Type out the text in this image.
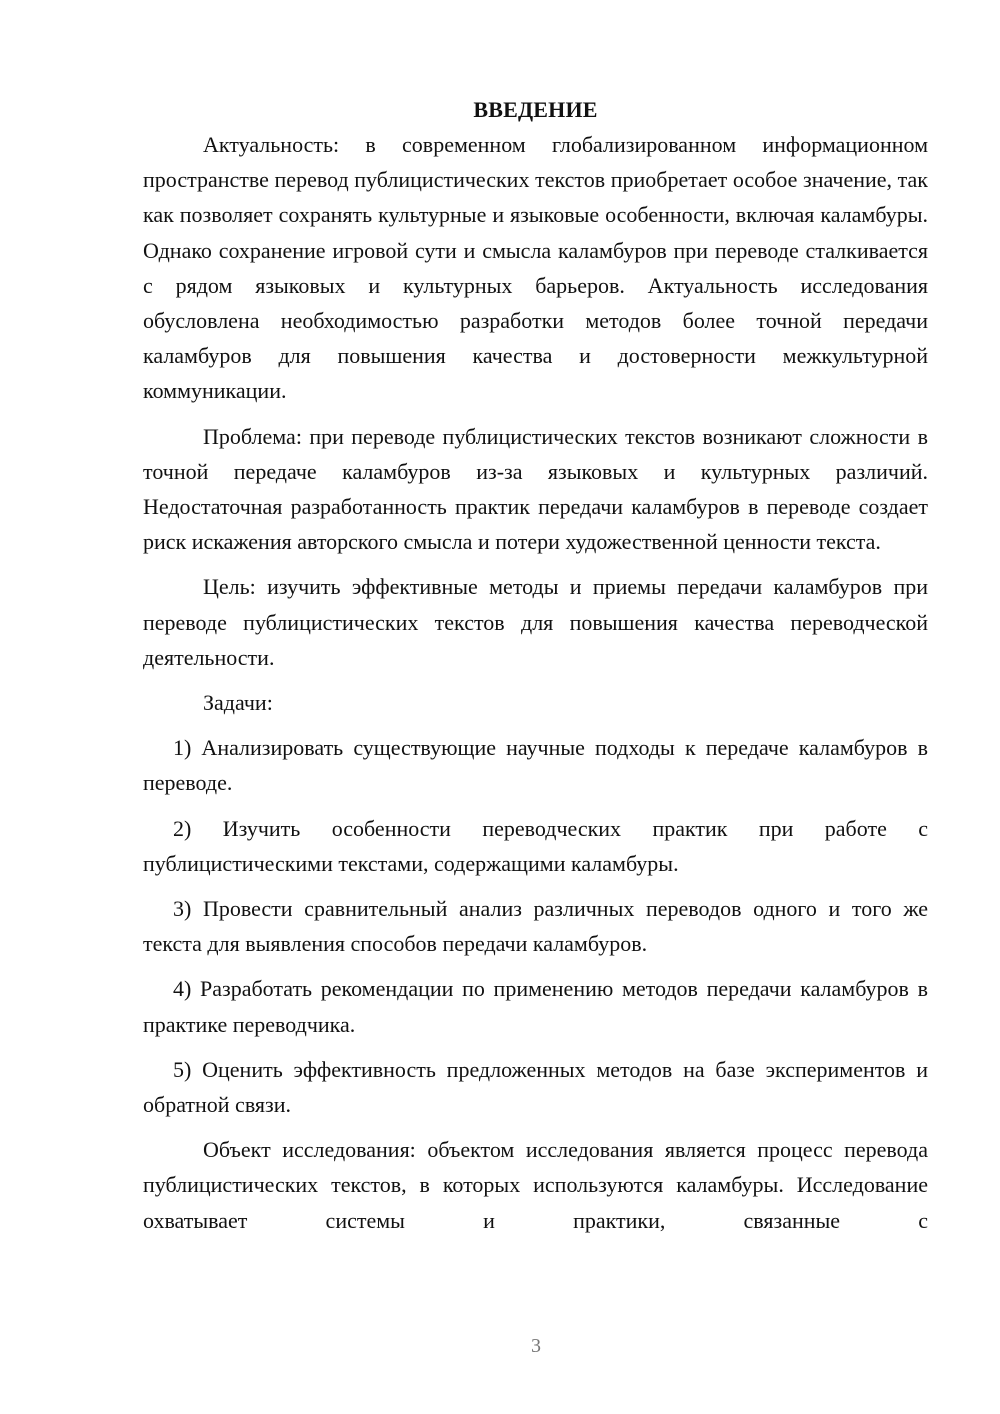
ВВЕДЕНИЕ

Актуальность: в современном глобализированном информационном пространстве перевод публицистических текстов приобретает особое значение, так как позволяет сохранять культурные и языковые особенности, включая каламбуры. Однако сохранение игровой сути и смысла каламбуров при переводе сталкивается с рядом языковых и культурных барьеров. Актуальность исследования обусловлена необходимостью разработки методов более точной передачи каламбуров для повышения качества и достоверности межкультурной коммуникации.

Проблема: при переводе публицистических текстов возникают сложности в точной передаче каламбуров из-за языковых и культурных различий. Недостаточная разработанность практик передачи каламбуров в переводе создает риск искажения авторского смысла и потери художественной ценности текста.

Цель: изучить эффективные методы и приемы передачи каламбуров при переводе публицистических текстов для повышения качества переводческой деятельности.

Задачи:

1) Анализировать существующие научные подходы к передаче каламбуров в переводе.

2) Изучить особенности переводческих практик при работе с публицистическими текстами, содержащими каламбуры.

3) Провести сравнительный анализ различных переводов одного и того же текста для выявления способов передачи каламбуров.

4) Разработать рекомендации по применению методов передачи каламбуров в практике переводчика.

5) Оценить эффективность предложенных методов на базе экспериментов и обратной связи.

Объект исследования: объектом исследования является процесс перевода публицистических текстов, в которых используются каламбуры. Исследование охватывает системы и практики, связанные с

3
